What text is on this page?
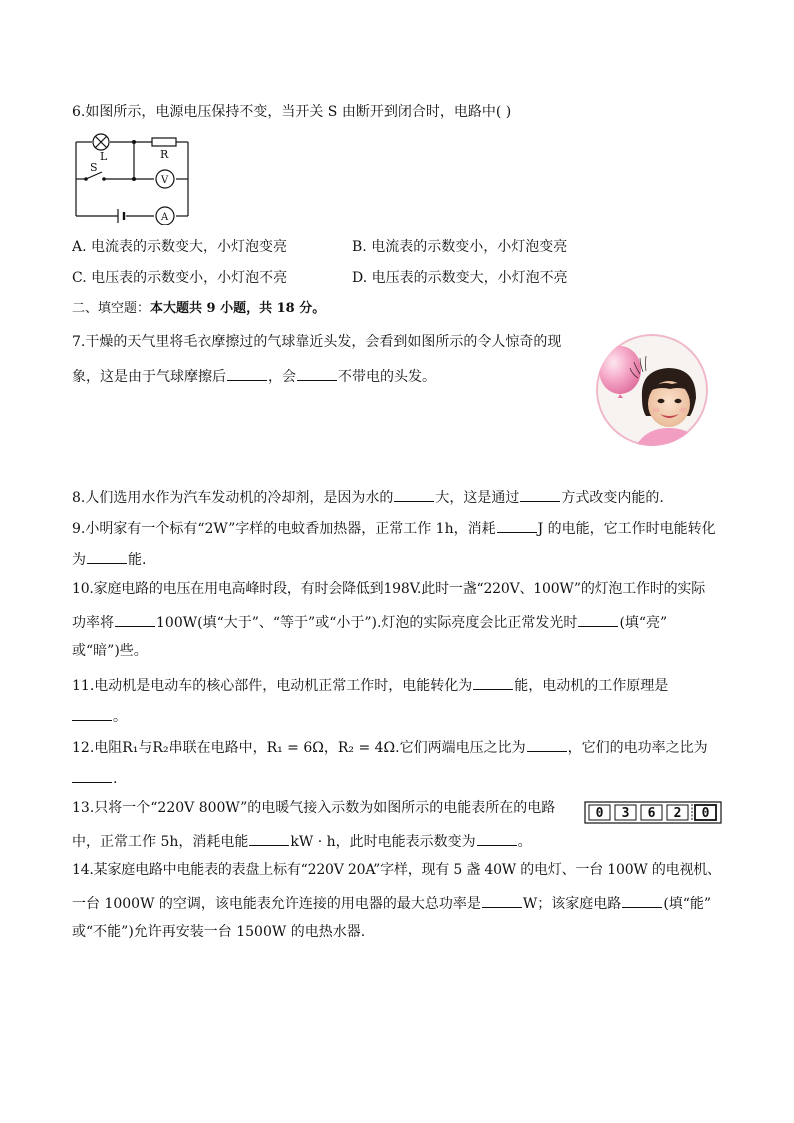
6.如图所示，电源电压保持不变，当开关 S 由断开到闭合时，电路中( )
L	R
S
V
A
A. 电流表的示数变大，小灯泡变亮	B. 电流表的示数变小，小灯泡变亮
C. 电压表的示数变小，小灯泡不亮	D. 电压表的示数变大，小灯泡不亮
二、填空题：本大题共 9 小题，共 18 分。
7.干燥的天气里将毛衣摩擦过的气球靠近头发，会看到如图所示的令人惊奇的现
象，这是由于气球摩擦后	，会	不带电的头发。
8.人们选用水作为汽车发动机的冷却剂，是因为水的	大，这是通过	方式改变内能的.
9.小明家有一个标有“2W”字样的电蚊香加热器，正常工作 1h，消耗	J 的电能，它工作时电能转化
为	能.
10.家庭电路的电压在用电高峰时段，有时会降低到198V.此时一盏“220V、100W”的灯泡工作时的实际
功率将	100W(填“大于”、“等于”或“小于”).灯泡的实际亮度会比正常发光时	(填“亮”
或“暗”)些。
11.电动机是电动车的核心部件，电动机正常工作时，电能转化为	能，电动机的工作原理是
。
12.电阻R₁与R₂串联在电路中，R₁ = 6Ω，R₂ = 4Ω.它们两端电压之比为	，它们的电功率之比为
.
13.只将一个“220V 800W”的电暖气接入示数为如图所示的电能表所在的电路
中，正常工作 5h，消耗电能	kW · h，此时电能表示数变为	。
0 3 6 2 0
14.某家庭电路中电能表的表盘上标有“220V 20A”字样，现有 5 盏 40W 的电灯、一台 100W 的电视机、
一台 1000W 的空调，该电能表允许连接的用电器的最大总功率是	W；该家庭电路	(填“能”
或“不能”)允许再安装一台 1500W 的电热水器.
